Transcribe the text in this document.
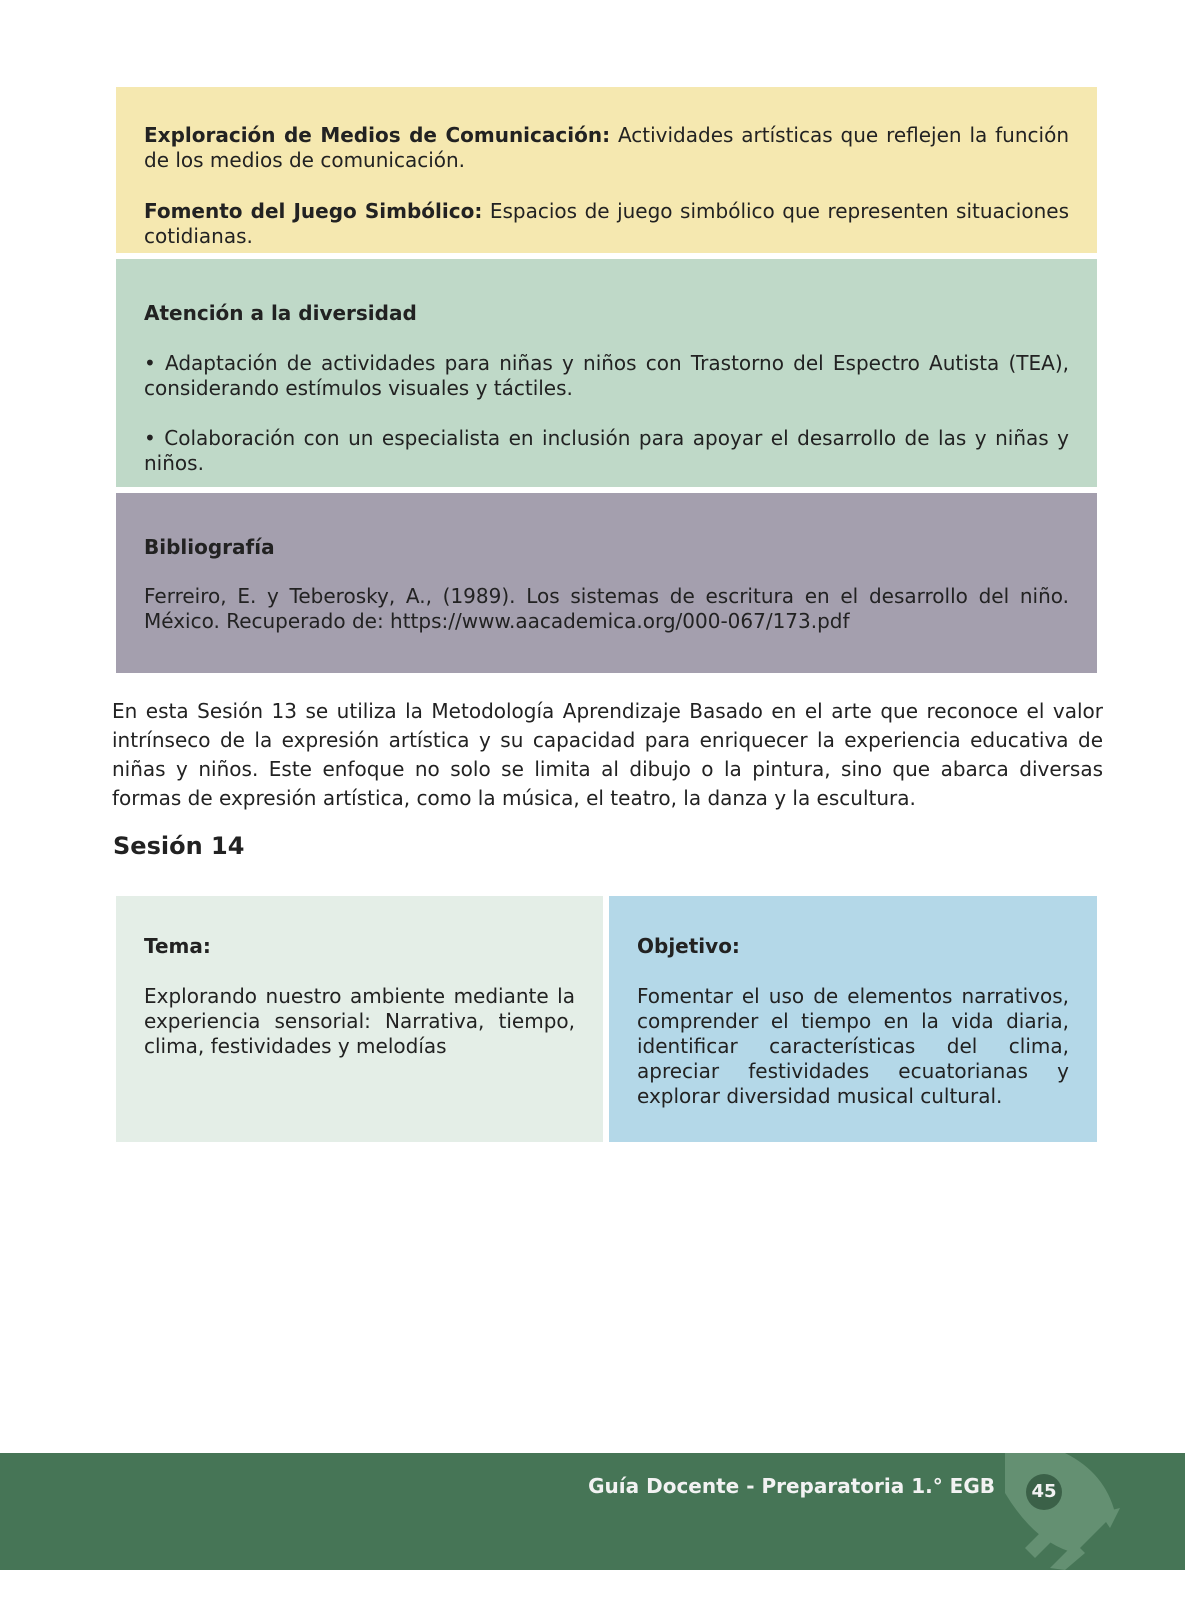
Exploración de Medios de Comunicación: Actividades artísticas que reflejen la función de los medios de comunicación.

Fomento del Juego Simbólico: Espacios de juego simbólico que representen situaciones cotidianas.

Atención a la diversidad

• Adaptación de actividades para niñas y niños con Trastorno del Espectro Autista (TEA), considerando estímulos visuales y táctiles.

• Colaboración con un especialista en inclusión para apoyar el desarrollo de las y niñas y niños.

Bibliografía

Ferreiro, E. y Teberosky, A., (1989). Los sistemas de escritura en el desarrollo del niño. México. Recuperado de: https://www.aacademica.org/000-067/173.pdf

En esta Sesión 13 se utiliza la Metodología Aprendizaje Basado en el arte que reconoce el valor intrínseco de la expresión artística y su capacidad para enriquecer la experiencia educativa de niñas y niños. Este enfoque no solo se limita al dibujo o la pintura, sino que abarca diversas formas de expresión artística, como la música, el teatro, la danza y la escultura.

Sesión 14
Tema:
Explorando nuestro ambiente mediante la experiencia sensorial: Narrativa, tiempo, clima, festividades y melodías
Objetivo:
Fomentar el uso de elementos narrativos, comprender el tiempo en la vida diaria, identificar características del clima, apreciar festividades ecuatorianas y explorar diversidad musical cultural.
Guía Docente - Preparatoria 1.° EGB	45
